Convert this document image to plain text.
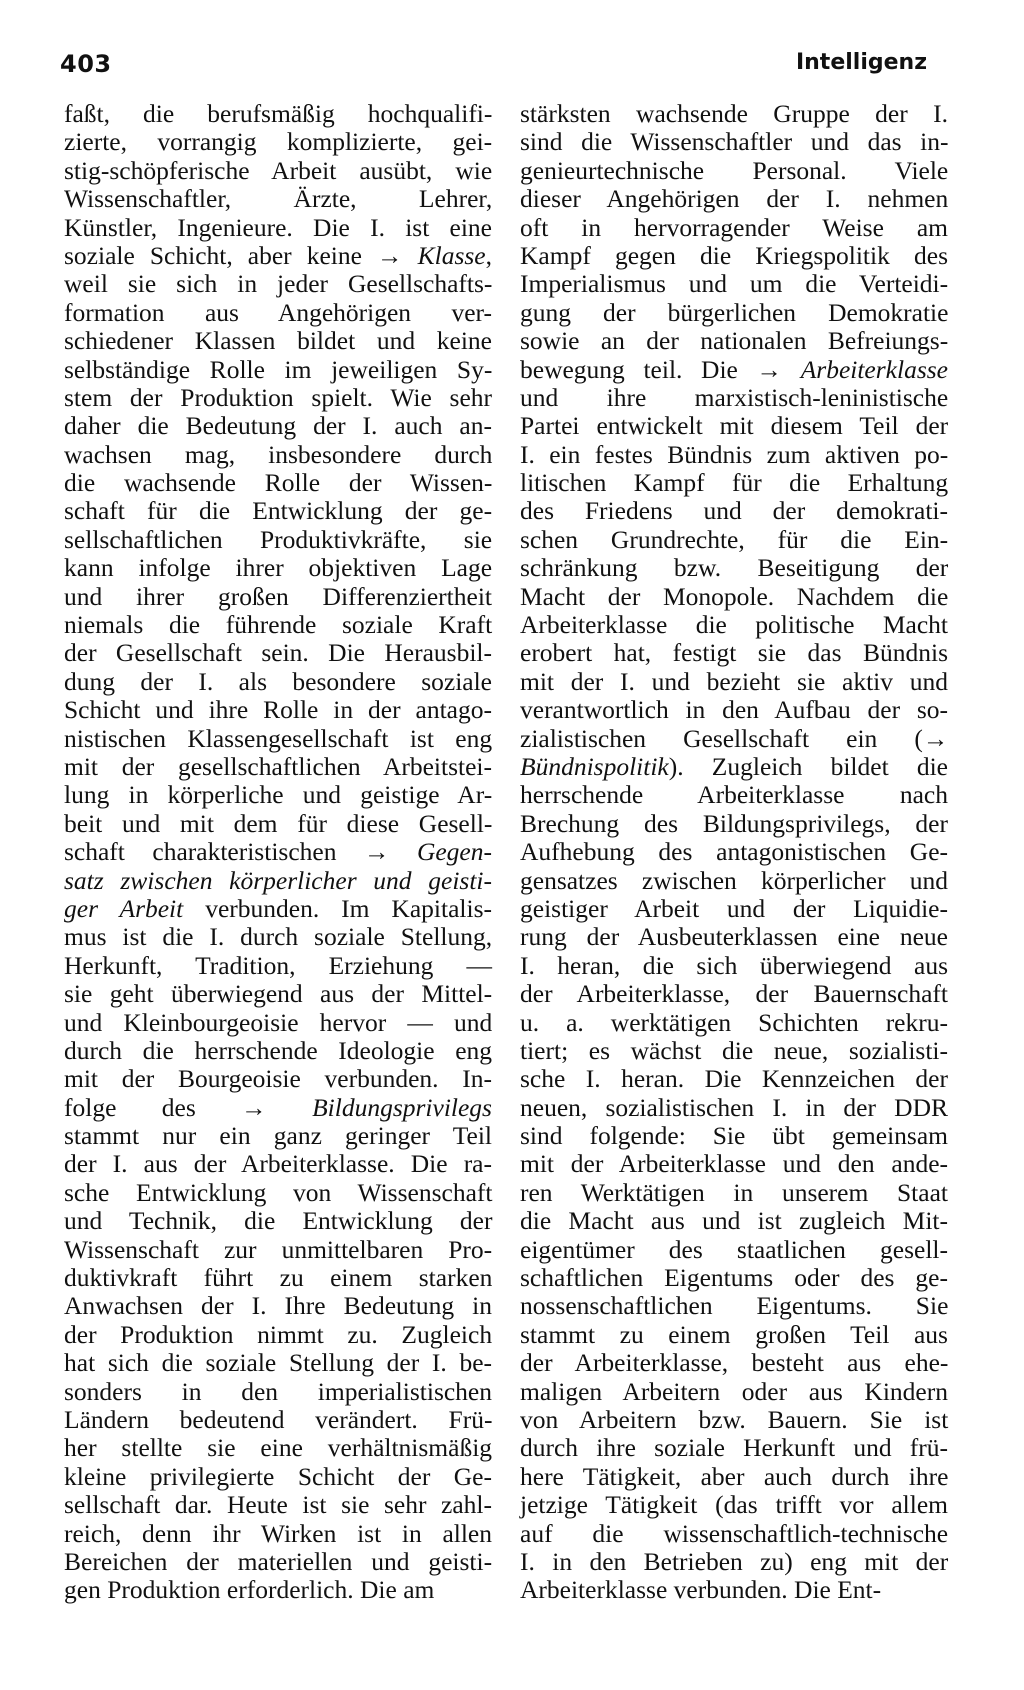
403	Intelligenz
faßt, die berufsmäßig hochqualifi-
zierte, vorrangig komplizierte, gei-
stig-schöpferische Arbeit ausübt, wie
Wissenschaftler, Ärzte, Lehrer,
Künstler, Ingenieure. Die I. ist eine
soziale Schicht, aber keine → Klasse,
weil sie sich in jeder Gesellschafts-
formation aus Angehörigen ver-
schiedener Klassen bildet und keine
selbständige Rolle im jeweiligen Sy-
stem der Produktion spielt. Wie sehr
daher die Bedeutung der I. auch an-
wachsen mag, insbesondere durch
die wachsende Rolle der Wissen-
schaft für die Entwicklung der ge-
sellschaftlichen Produktivkräfte, sie
kann infolge ihrer objektiven Lage
und ihrer großen Differenziertheit
niemals die führende soziale Kraft
der Gesellschaft sein. Die Herausbil-
dung der I. als besondere soziale
Schicht und ihre Rolle in der antago-
nistischen Klassengesellschaft ist eng
mit der gesellschaftlichen Arbeitstei-
lung in körperliche und geistige Ar-
beit und mit dem für diese Gesell-
schaft charakteristischen → Gegen-
satz zwischen körperlicher und geisti-
ger Arbeit verbunden. Im Kapitalis-
mus ist die I. durch soziale Stellung,
Herkunft, Tradition, Erziehung —
sie geht überwiegend aus der Mittel-
und Kleinbourgeoisie hervor — und
durch die herrschende Ideologie eng
mit der Bourgeoisie verbunden. In-
folge des → Bildungsprivilegs
stammt nur ein ganz geringer Teil
der I. aus der Arbeiterklasse. Die ra-
sche Entwicklung von Wissenschaft
und Technik, die Entwicklung der
Wissenschaft zur unmittelbaren Pro-
duktivkraft führt zu einem starken
Anwachsen der I. Ihre Bedeutung in
der Produktion nimmt zu. Zugleich
hat sich die soziale Stellung der I. be-
sonders in den imperialistischen
Ländern bedeutend verändert. Frü-
her stellte sie eine verhältnismäßig
kleine privilegierte Schicht der Ge-
sellschaft dar. Heute ist sie sehr zahl-
reich, denn ihr Wirken ist in allen
Bereichen der materiellen und geisti-
gen Produktion erforderlich. Die am
stärksten wachsende Gruppe der I.
sind die Wissenschaftler und das in-
genieurtechnische Personal. Viele
dieser Angehörigen der I. nehmen
oft in hervorragender Weise am
Kampf gegen die Kriegspolitik des
Imperialismus und um die Verteidi-
gung der bürgerlichen Demokratie
sowie an der nationalen Befreiungs-
bewegung teil. Die → Arbeiterklasse
und ihre marxistisch-leninistische
Partei entwickelt mit diesem Teil der
I. ein festes Bündnis zum aktiven po-
litischen Kampf für die Erhaltung
des Friedens und der demokrati-
schen Grundrechte, für die Ein-
schränkung bzw. Beseitigung der
Macht der Monopole. Nachdem die
Arbeiterklasse die politische Macht
erobert hat, festigt sie das Bündnis
mit der I. und bezieht sie aktiv und
verantwortlich in den Aufbau der so-
zialistischen Gesellschaft ein (→
Bündnispolitik). Zugleich bildet die
herrschende Arbeiterklasse nach
Brechung des Bildungsprivilegs, der
Aufhebung des antagonistischen Ge-
gensatzes zwischen körperlicher und
geistiger Arbeit und der Liquidie-
rung der Ausbeuterklassen eine neue
I. heran, die sich überwiegend aus
der Arbeiterklasse, der Bauernschaft
u. a. werktätigen Schichten rekru-
tiert; es wächst die neue, sozialisti-
sche I. heran. Die Kennzeichen der
neuen, sozialistischen I. in der DDR
sind folgende: Sie übt gemeinsam
mit der Arbeiterklasse und den ande-
ren Werktätigen in unserem Staat
die Macht aus und ist zugleich Mit-
eigentümer des staatlichen gesell-
schaftlichen Eigentums oder des ge-
nossenschaftlichen Eigentums. Sie
stammt zu einem großen Teil aus
der Arbeiterklasse, besteht aus ehe-
maligen Arbeitern oder aus Kindern
von Arbeitern bzw. Bauern. Sie ist
durch ihre soziale Herkunft und frü-
here Tätigkeit, aber auch durch ihre
jetzige Tätigkeit (das trifft vor allem
auf die wissenschaftlich-technische
I. in den Betrieben zu) eng mit der
Arbeiterklasse verbunden. Die Ent-
